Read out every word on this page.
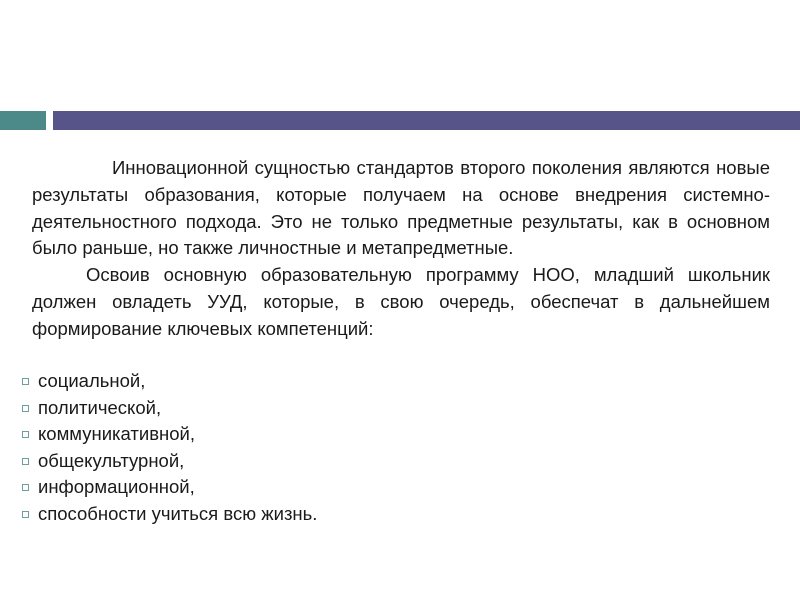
Инновационной сущностью стандартов второго поколения являются новые результаты образования, которые получаем на основе внедрения системно-деятельностного подхода. Это не только предметные результаты, как в основном было раньше, но также личностные и метапредметные.

Освоив основную образовательную программу НОО, младший школьник должен овладеть УУД, которые, в свою очередь, обеспечат в дальнейшем формирование ключевых компетенций:

социальной,
политической,
коммуникативной,
общекультурной,
информационной,
способности учиться всю жизнь.
